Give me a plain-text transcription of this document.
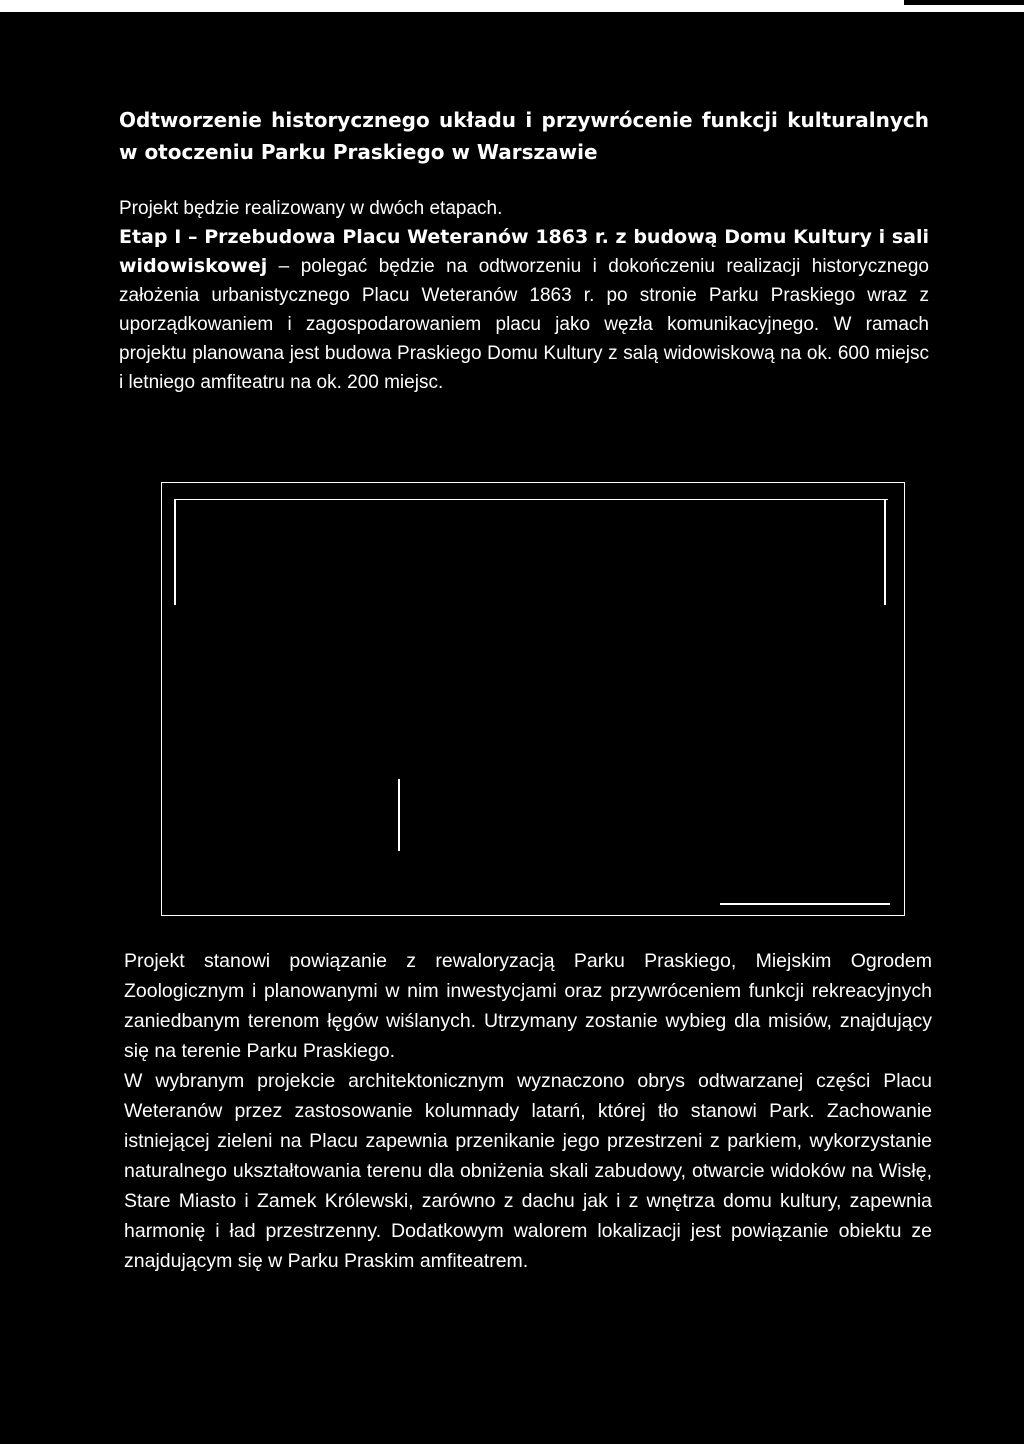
Odtworzenie historycznego układu i przywrócenie funkcji kulturalnych w otoczeniu Parku Praskiego w Warszawie

Projekt będzie realizowany w dwóch etapach.

Etap I – Przebudowa Placu Weteranów 1863 r. z budową Domu Kultury i sali widowiskowej – polegać będzie na odtworzeniu i dokończeniu realizacji historycznego założenia urbanistycznego Placu Weteranów 1863 r. po stronie Parku Praskiego wraz z uporządkowaniem i zagospodarowaniem placu jako węzła komunikacyjnego. W ramach projektu planowana jest budowa Praskiego Domu Kultury z salą widowiskową na ok. 600 miejsc i letniego amfiteatru na ok. 200 miejsc.

Projekt stanowi powiązanie z rewaloryzacją Parku Praskiego, Miejskim Ogrodem Zoologicznym i planowanymi w nim inwestycjami oraz przywróceniem funkcji rekreacyjnych zaniedbanym terenom łęgów wiślanych. Utrzymany zostanie wybieg dla misiów, znajdujący się na terenie Parku Praskiego.

W wybranym projekcie architektonicznym wyznaczono obrys odtwarzanej części Placu Weteranów przez zastosowanie kolumnady latarń, której tło stanowi Park. Zachowanie istniejącej zieleni na Placu zapewnia przenikanie jego przestrzeni z parkiem, wykorzystanie naturalnego ukształtowania terenu dla obniżenia skali zabudowy, otwarcie widoków na Wisłę, Stare Miasto i Zamek Królewski, zarówno z dachu jak i z wnętrza domu kultury, zapewnia harmonię i ład przestrzenny. Dodatkowym walorem lokalizacji jest powiązanie obiektu ze znajdującym się w Parku Praskim amfiteatrem.
